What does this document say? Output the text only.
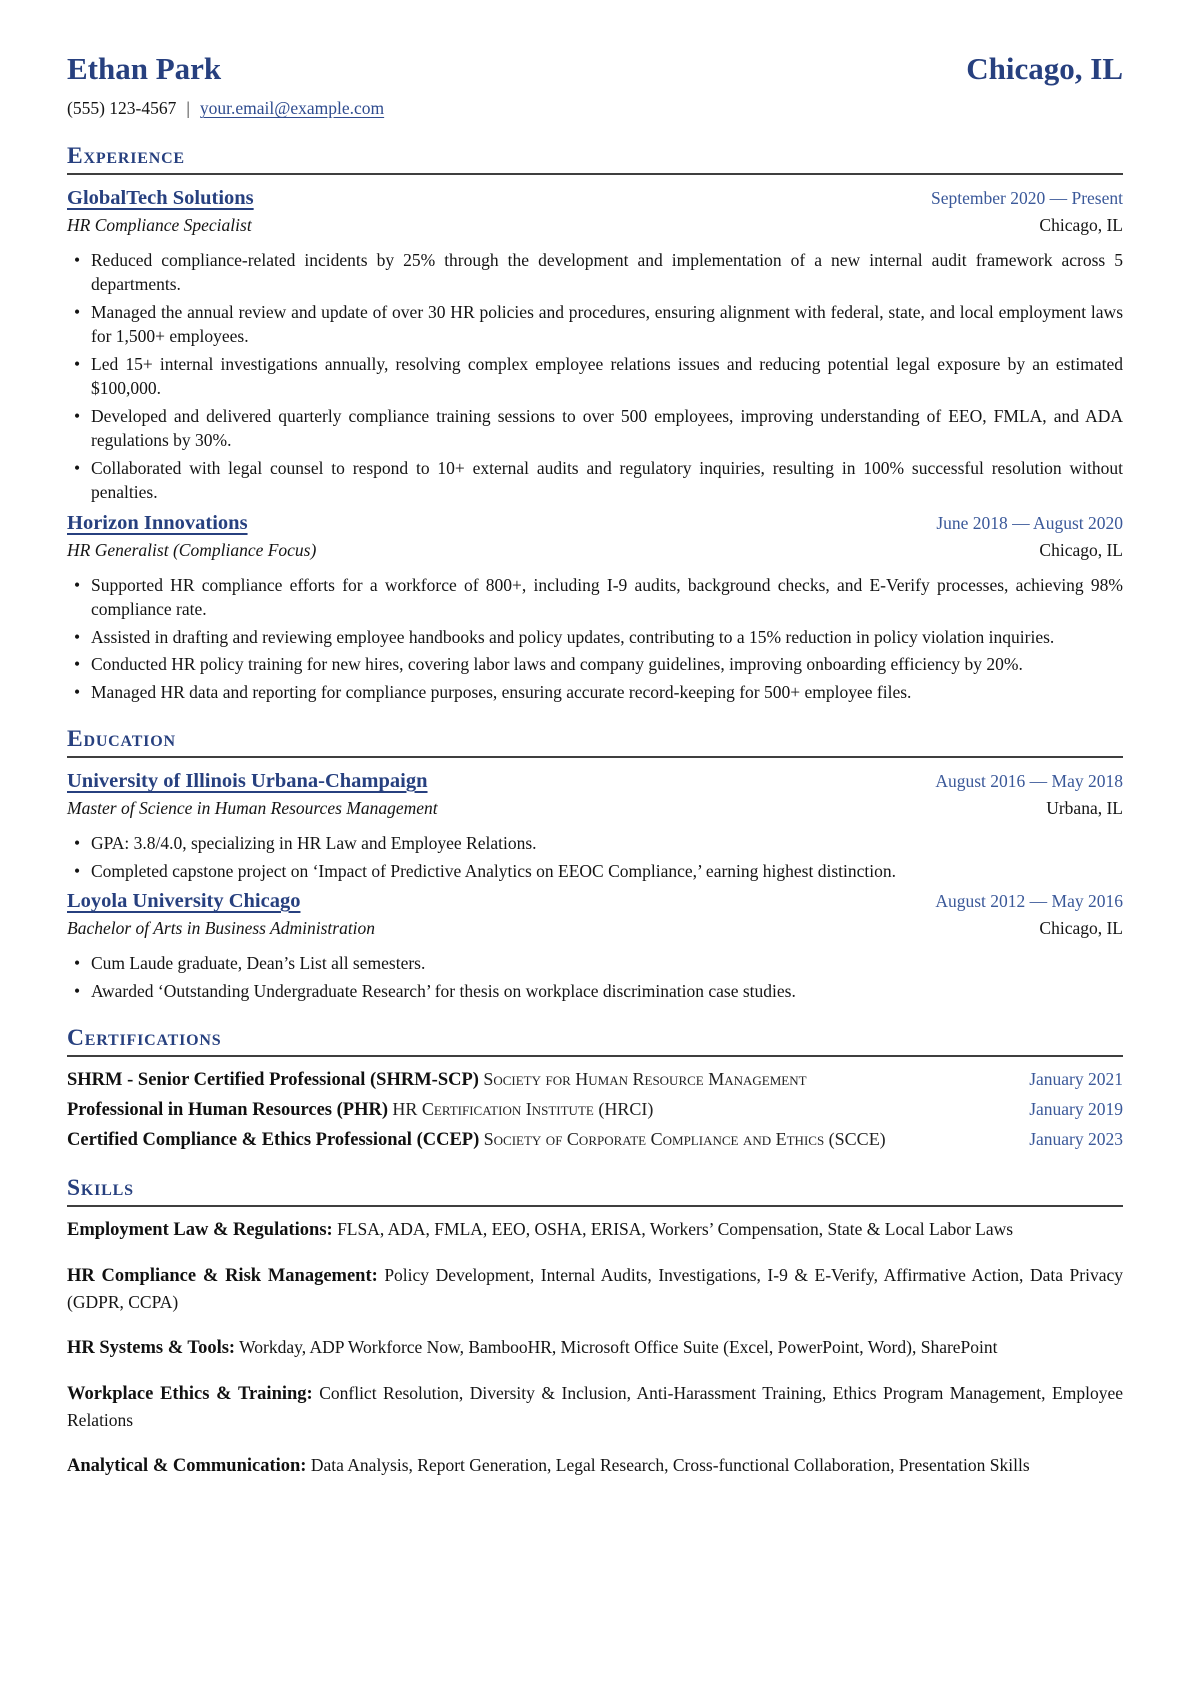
Ethan Park	Chicago, IL
(555) 123-4567 | your.email@example.com
Experience
GlobalTech Solutions	September 2020 — Present
HR Compliance Specialist	Chicago, IL
• Reduced compliance-related incidents by 25% through the development and implementation of a new internal audit framework across 5 departments.
• Managed the annual review and update of over 30 HR policies and procedures, ensuring alignment with federal, state, and local employment laws for 1,500+ employees.
• Led 15+ internal investigations annually, resolving complex employee relations issues and reducing potential legal exposure by an estimated $100,000.
• Developed and delivered quarterly compliance training sessions to over 500 employees, improving understanding of EEO, FMLA, and ADA regulations by 30%.
• Collaborated with legal counsel to respond to 10+ external audits and regulatory inquiries, resulting in 100% successful resolution without penalties.
Horizon Innovations	June 2018 — August 2020
HR Generalist (Compliance Focus)	Chicago, IL
• Supported HR compliance efforts for a workforce of 800+, including I-9 audits, background checks, and E-Verify processes, achieving 98% compliance rate.
• Assisted in drafting and reviewing employee handbooks and policy updates, contributing to a 15% reduction in policy violation inquiries.
• Conducted HR policy training for new hires, covering labor laws and company guidelines, improving onboarding efficiency by 20%.
• Managed HR data and reporting for compliance purposes, ensuring accurate record-keeping for 500+ employee files.
Education
University of Illinois Urbana-Champaign	August 2016 — May 2018
Master of Science in Human Resources Management	Urbana, IL
• GPA: 3.8/4.0, specializing in HR Law and Employee Relations.
• Completed capstone project on ‘Impact of Predictive Analytics on EEOC Compliance,’ earning highest distinction.
Loyola University Chicago	August 2012 — May 2016
Bachelor of Arts in Business Administration	Chicago, IL
• Cum Laude graduate, Dean’s List all semesters.
• Awarded ‘Outstanding Undergraduate Research’ for thesis on workplace discrimination case studies.
Certifications
SHRM - Senior Certified Professional (SHRM-SCP) Society for Human Resource Management	January 2021
Professional in Human Resources (PHR) HR Certification Institute (HRCI)	January 2019
Certified Compliance & Ethics Professional (CCEP) Society of Corporate Compliance and Ethics (SCCE)	January 2023
Skills

Employment Law & Regulations: FLSA, ADA, FMLA, EEO, OSHA, ERISA, Workers’ Compensation, State & Local Labor Laws

HR Compliance & Risk Management: Policy Development, Internal Audits, Investigations, I-9 & E-Verify, Affirmative Action, Data Privacy (GDPR, CCPA)

HR Systems & Tools: Workday, ADP Workforce Now, BambooHR, Microsoft Office Suite (Excel, PowerPoint, Word), SharePoint

Workplace Ethics & Training: Conflict Resolution, Diversity & Inclusion, Anti-Harassment Training, Ethics Program Management, Employee Relations

Analytical & Communication: Data Analysis, Report Generation, Legal Research, Cross-functional Collaboration, Presentation Skills
